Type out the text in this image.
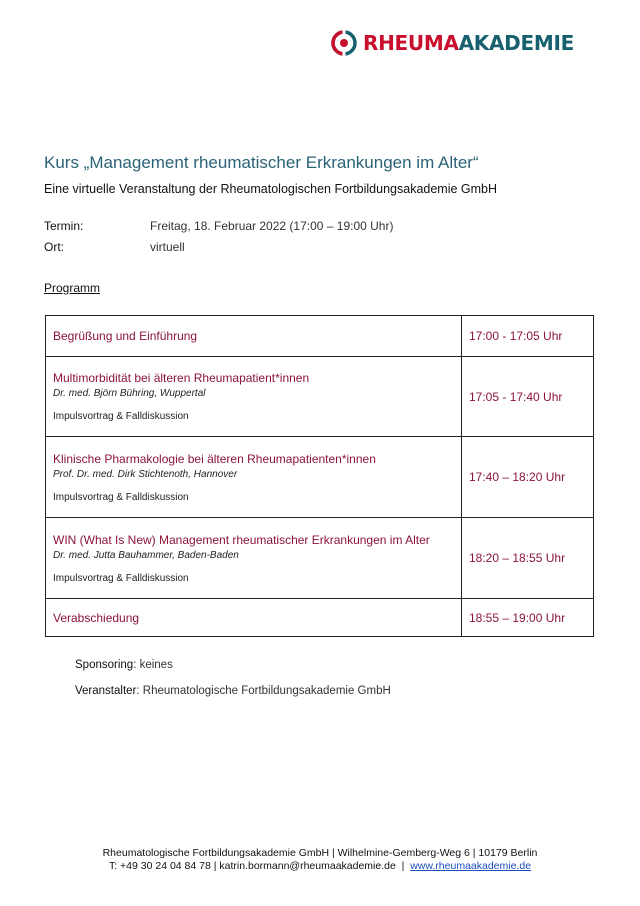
RHEUMAAKADEMIE
Kurs „Management rheumatischer Erkrankungen im Alter“
Eine virtuelle Veranstaltung der Rheumatologischen Fortbildungsakademie GmbH
Termin:	Freitag, 18. Februar 2022 (17:00 – 19:00 Uhr)
Ort:	virtuell
Programm
Begrüßung und Einführung	17:00 - 17:05 Uhr

Multimorbidität bei älteren Rheumapatient*innen
Dr. med. Björn Bühring, Wuppertal
Impulsvortrag & Falldiskussion	17:05 - 17:40 Uhr

Klinische Pharmakologie bei älteren Rheumapatienten*innen
Prof. Dr. med. Dirk Stichtenoth, Hannover
Impulsvortrag & Falldiskussion	17:40 – 18:20 Uhr

WIN (What Is New) Management rheumatischer Erkrankungen im Alter
Dr. med. Jutta Bauhammer, Baden-Baden
Impulsvortrag & Falldiskussion	18:20 – 18:55 Uhr

Verabschiedung	18:55 – 19:00 Uhr
Sponsoring: keines
Veranstalter: Rheumatologische Fortbildungsakademie GmbH
Rheumatologische Fortbildungsakademie GmbH | Wilhelmine-Gemberg-Weg 6 | 10179 Berlin
T: +49 30 24 04 84 78 | katrin.bormann@rheumaakademie.de  |  www.rheumaakademie.de
